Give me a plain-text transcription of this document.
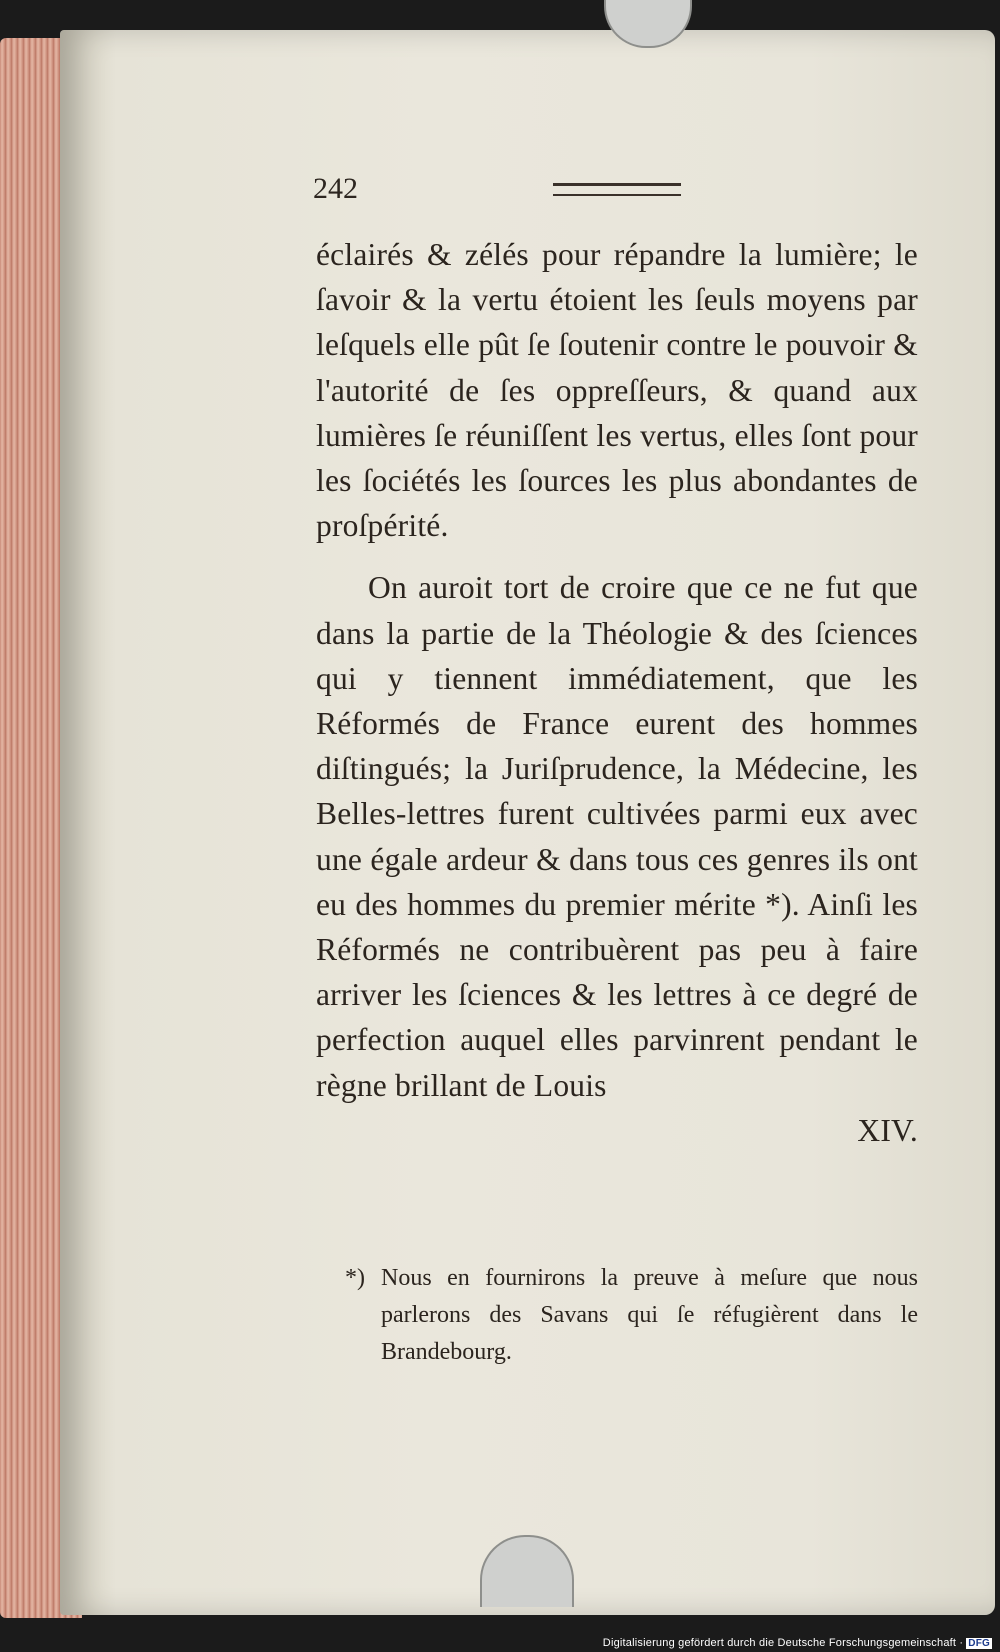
242

éclairés & zélés pour répandre la lumière; le ſavoir & la vertu étoient les ſeuls moyens par leſquels elle pût ſe ſoutenir contre le pouvoir & l'autorité de ſes oppreſſeurs, & quand aux lumières ſe réuniſſent les vertus, elles ſont pour les ſociétés les ſources les plus abondantes de proſpérité.

On auroit tort de croire que ce ne fut que dans la partie de la Théologie & des ſciences qui y tiennent immédiatement, que les Réformés de France eurent des hommes diſtingués; la Juriſprudence, la Médecine, les Belles-lettres furent cultivées parmi eux avec une égale ardeur & dans tous ces genres ils ont eu des hommes du premier mérite *). Ainſi les Réformés ne contribuèrent pas peu à faire arriver les ſciences & les lettres à ce degré de perfection auquel elles parvinrent pendant le règne brillant de Louis

XIV.

*) Nous en fournirons la preuve à meſure que nous parlerons des Savans qui ſe réfugièrent dans le Brandebourg.

Digitalisierung gefördert durch die Deutsche Forschungsgemeinschaft · DFG
